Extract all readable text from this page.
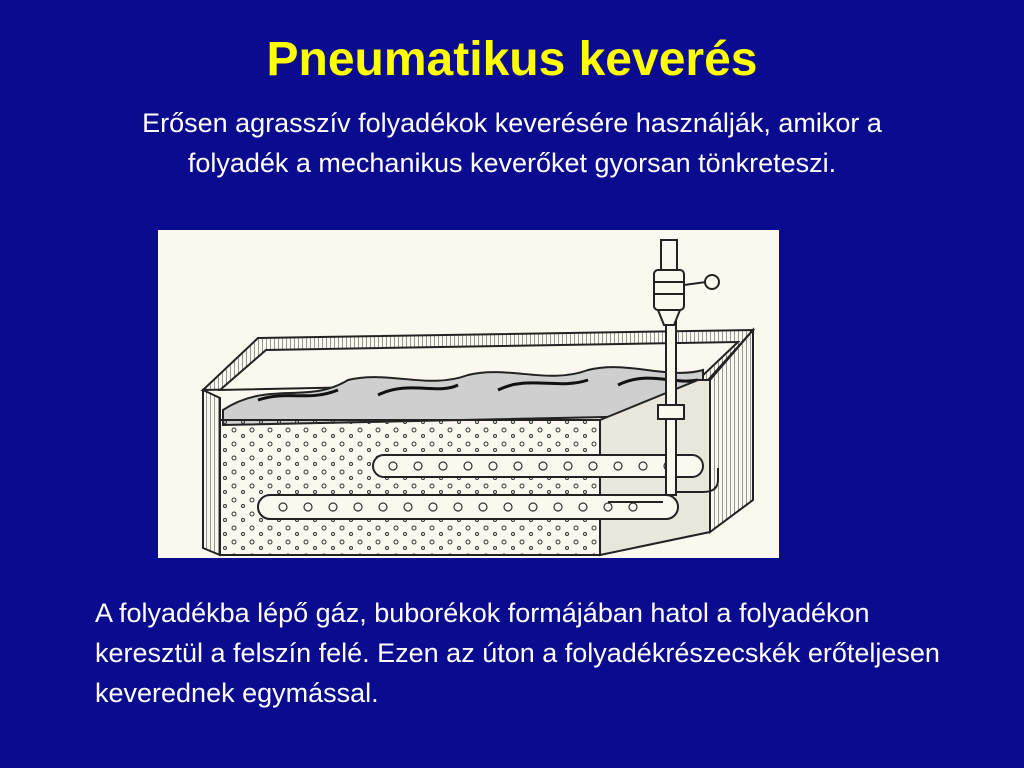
Pneumatikus keverés
Erősen agrasszív folyadékok keverésére használják, amikor a folyadék a mechanikus keverőket gyorsan tönkreteszi.
A folyadékba lépő gáz, buborékok formájában hatol a folyadékon keresztül a felszín felé. Ezen az úton a folyadékrészecskék erőteljesen keverednek egymással.
